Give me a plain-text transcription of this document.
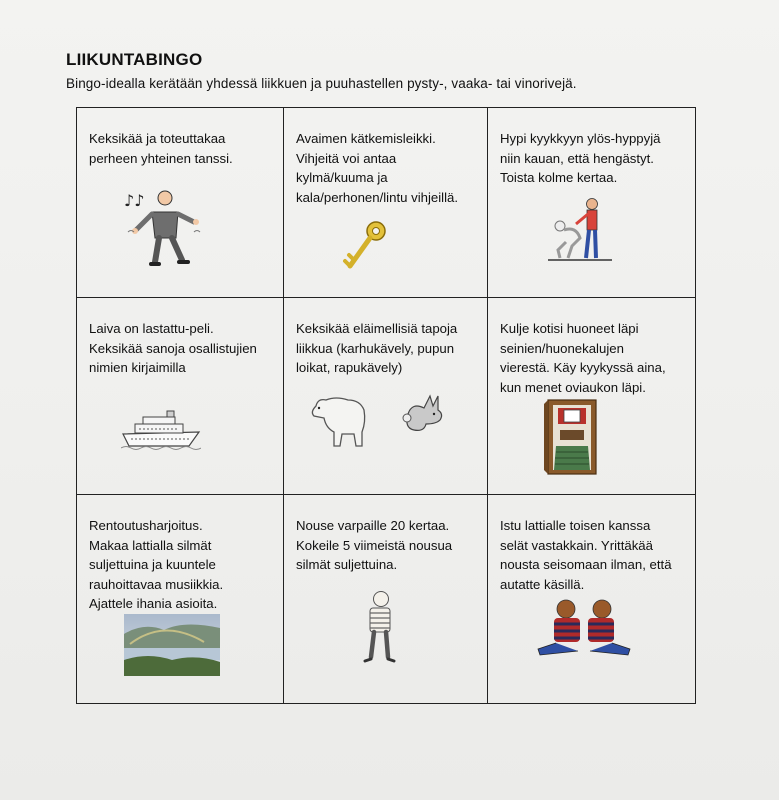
LIIKUNTABINGO
Bingo-idealla kerätään yhdessä liikkuen ja puuhastellen pysty-, vaaka- tai vinorivejä.
Keksikää ja toteuttakaa
perheen yhteinen tanssi.
♪♪
Avaimen kätkemisleikki.
Vihjeitä voi antaa
kylmä/kuuma ja
kala/perhonen/lintu vihjeillä.
Hypi kyykkyyn ylös-hyppyjä
niin kauan, että hengästyt.
Toista kolme kertaa.
Laiva on lastattu-peli.
Keksikää sanoja osallistujien
nimien kirjaimilla
Keksikää eläimellisiä tapoja
liikkua (karhukävely, pupun
loikat, rapukävely)
Kulje kotisi huoneet läpi
seinien/huonekalujen
vierestä. Käy kyykyssä aina,
kun menet oviaukon läpi.
Rentoutusharjoitus.
Makaa lattialla silmät
suljettuina ja kuuntele
rauhoittavaa musiikkia.
Ajattele ihania asioita.
Nouse varpaille 20 kertaa.
Kokeile 5 viimeistä nousua
silmät suljettuina.
Istu lattialle toisen kanssa
selät vastakkain. Yrittäkää
nousta seisomaan ilman, että
autatte käsillä.
